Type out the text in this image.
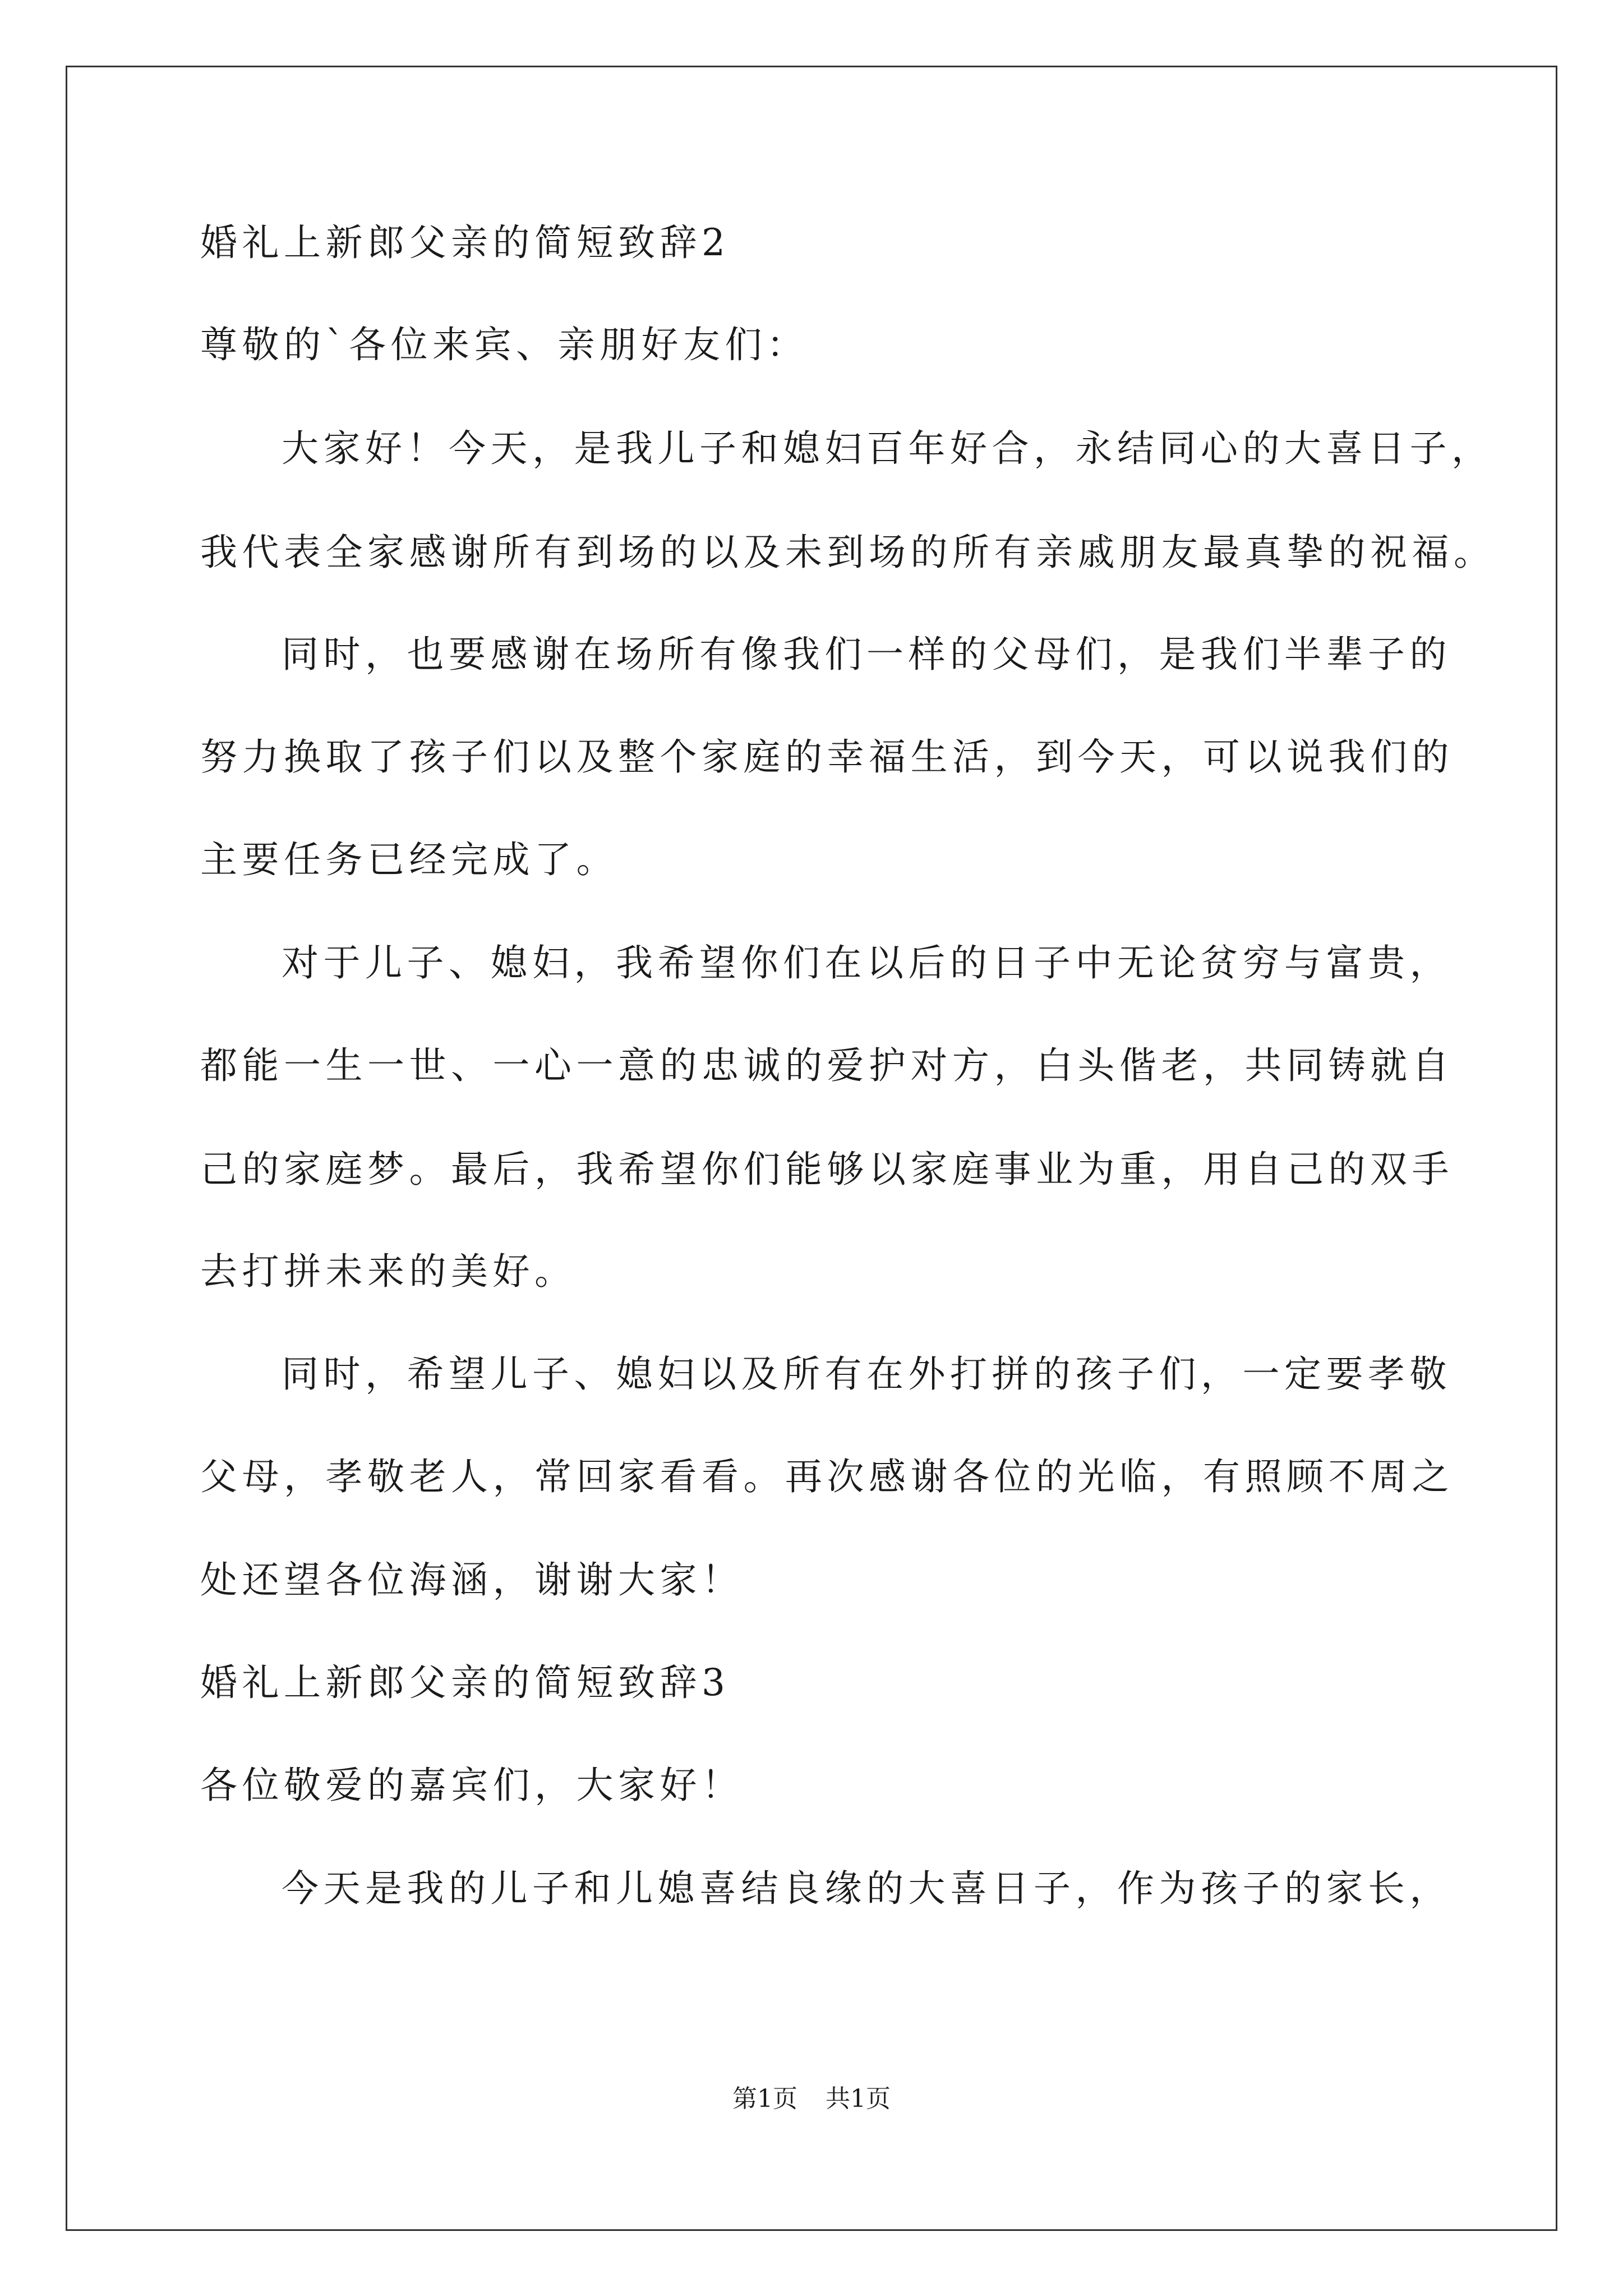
婚礼上新郎父亲的简短致辞2
尊敬的`各位来宾、亲朋好友们：
大家好！今天，是我儿子和媳妇百年好合，永结同心的大喜日子，
我代表全家感谢所有到场的以及未到场的所有亲戚朋友最真挚的祝福。
同时，也要感谢在场所有像我们一样的父母们，是我们半辈子的
努力换取了孩子们以及整个家庭的幸福生活，到今天，可以说我们的
主要任务已经完成了。
对于儿子、媳妇，我希望你们在以后的日子中无论贫穷与富贵，
都能一生一世、一心一意的忠诚的爱护对方，白头偕老，共同铸就自
己的家庭梦。最后，我希望你们能够以家庭事业为重，用自己的双手
去打拼未来的美好。
同时，希望儿子、媳妇以及所有在外打拼的孩子们，一定要孝敬
父母，孝敬老人，常回家看看。再次感谢各位的光临，有照顾不周之
处还望各位海涵，谢谢大家！
婚礼上新郎父亲的简短致辞3
各位敬爱的嘉宾们，大家好！
今天是我的儿子和儿媳喜结良缘的大喜日子，作为孩子的家长，
第1页 共1页
